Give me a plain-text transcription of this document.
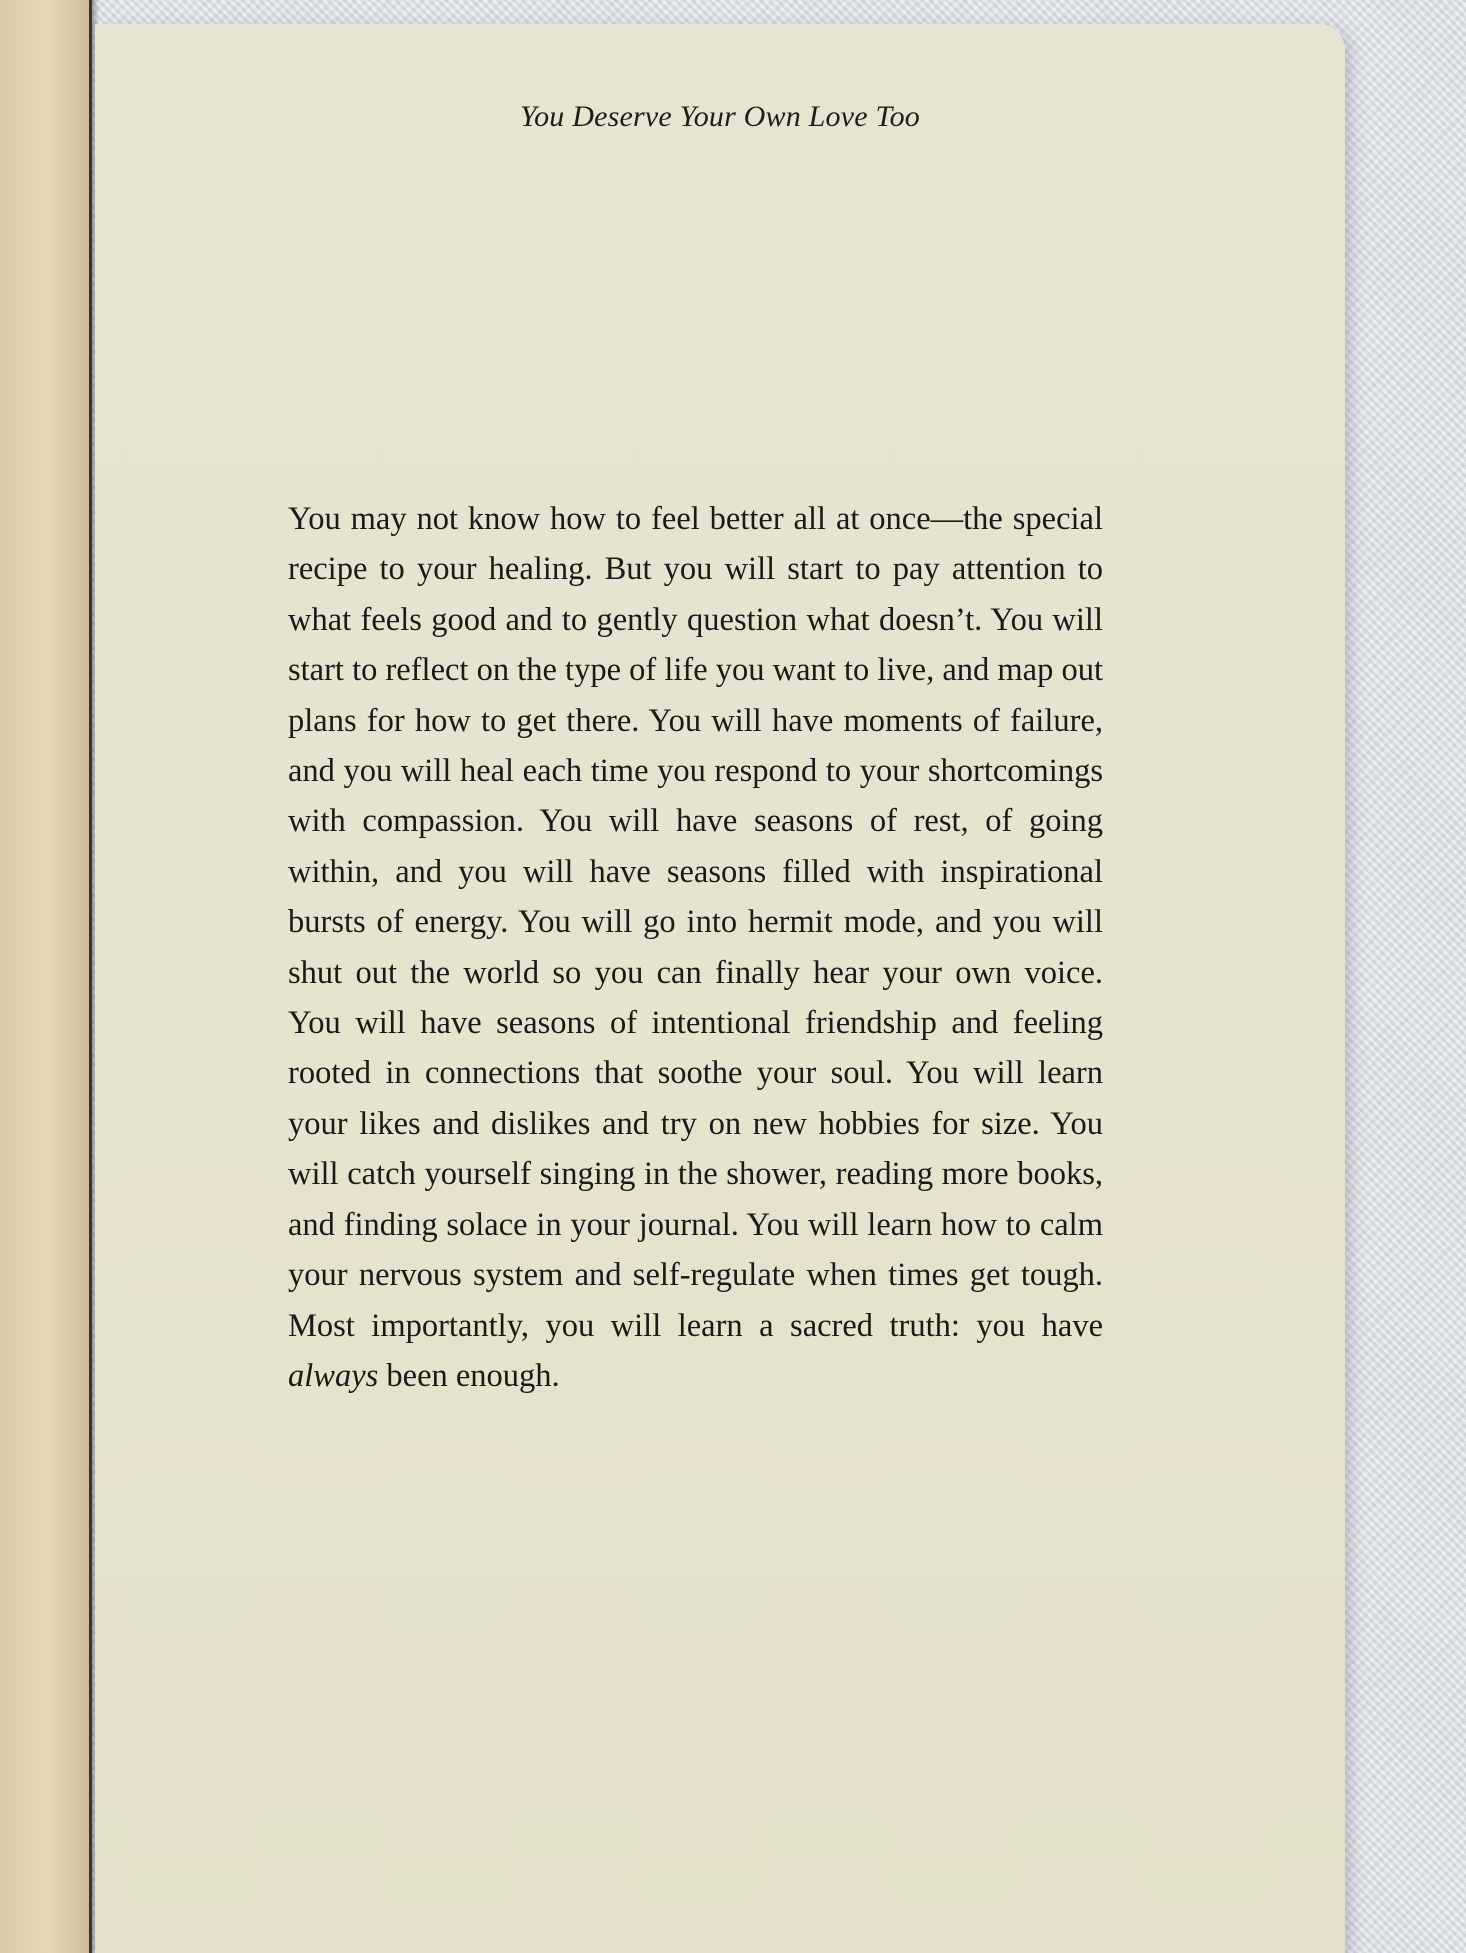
You Deserve Your Own Love Too

You may not know how to feel better all at once—the special recipe to your healing. But you will start to pay attention to what feels good and to gently question what doesn’t. You will start to reflect on the type of life you want to live, and map out plans for how to get there. You will have moments of failure, and you will heal each time you respond to your shortcomings with compassion. You will have seasons of rest, of going within, and you will have seasons filled with inspirational bursts of energy. You will go into hermit mode, and you will shut out the world so you can finally hear your own voice. You will have seasons of intentional friendship and feeling rooted in connections that soothe your soul. You will learn your likes and dislikes and try on new hobbies for size. You will catch yourself singing in the shower, reading more books, and finding solace in your journal. You will learn how to calm your nervous system and self-regulate when times get tough. Most importantly, you will learn a sacred truth: you have always been enough.
